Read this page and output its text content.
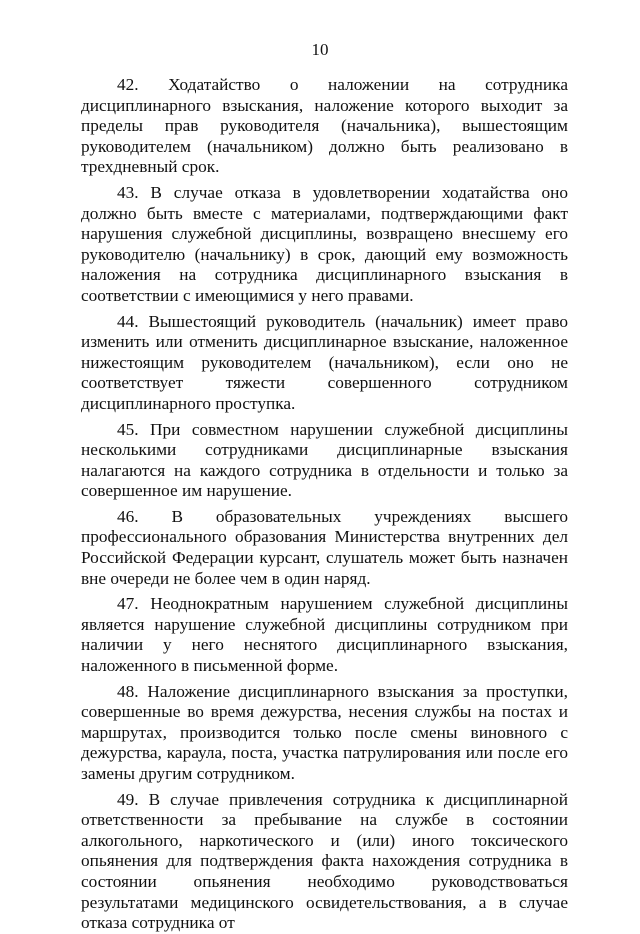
10

42. Ходатайство о наложении на сотрудника дисциплинарного взыскания, наложение которого выходит за пределы прав руководителя (начальника), вышестоящим руководителем (начальником) должно быть реализовано в трехдневный срок.

43. В случае отказа в удовлетворении ходатайства оно должно быть вместе с материалами, подтверждающими факт нарушения служебной дисциплины, возвращено внесшему его руководителю (начальнику) в срок, дающий ему возможность наложения на сотрудника дисциплинарного взыскания в соответствии с имеющимися у него правами.

44. Вышестоящий руководитель (начальник) имеет право изменить или отменить дисциплинарное взыскание, наложенное нижестоящим руководителем (начальником), если оно не соответствует тяжести совершенного сотрудником дисциплинарного проступка.

45. При совместном нарушении служебной дисциплины несколькими сотрудниками дисциплинарные взыскания налагаются на каждого сотрудника в отдельности и только за совершенное им нарушение.

46. В образовательных учреждениях высшего профессионального образования Министерства внутренних дел Российской Федерации курсант, слушатель может быть назначен вне очереди не более чем в один наряд.

47. Неоднократным нарушением служебной дисциплины является нарушение служебной дисциплины сотрудником при наличии у него неснятого дисциплинарного взыскания, наложенного в письменной форме.

48. Наложение дисциплинарного взыскания за проступки, совершенные во время дежурства, несения службы на постах и маршрутах, производится только после смены виновного с дежурства, караула, поста, участка патрулирования или после его замены другим сотрудником.

49. В случае привлечения сотрудника к дисциплинарной ответственности за пребывание на службе в состоянии алкогольного, наркотического и (или) иного токсического опьянения для подтверждения факта нахождения сотрудника в состоянии опьянения необходимо руководствоваться результатами медицинского освидетельствования, а в случае отказа сотрудника от
